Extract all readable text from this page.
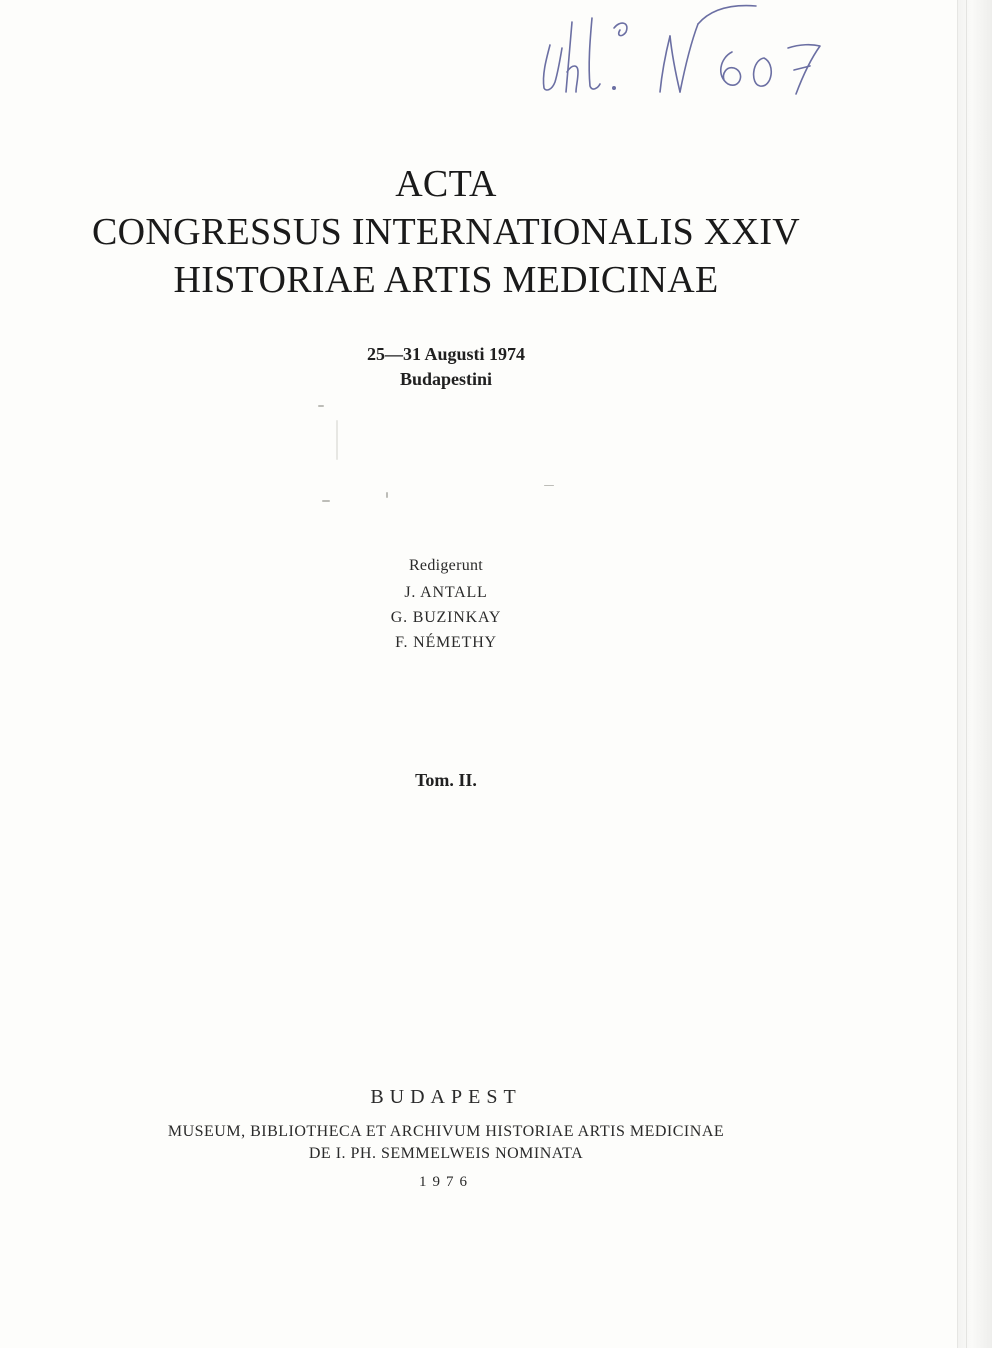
ACTA
CONGRESSUS INTERNATIONALIS XXIV
HISTORIAE ARTIS MEDICINAE
25—31 Augusti 1974
Budapestini
Redigerunt
J. ANTALL
G. BUZINKAY
F. NÉMETHY
Tom. II.
BUDAPEST
MUSEUM, BIBLIOTHECA ET ARCHIVUM HISTORIAE ARTIS MEDICINAE
DE I. PH. SEMMELWEIS NOMINATA
1976
